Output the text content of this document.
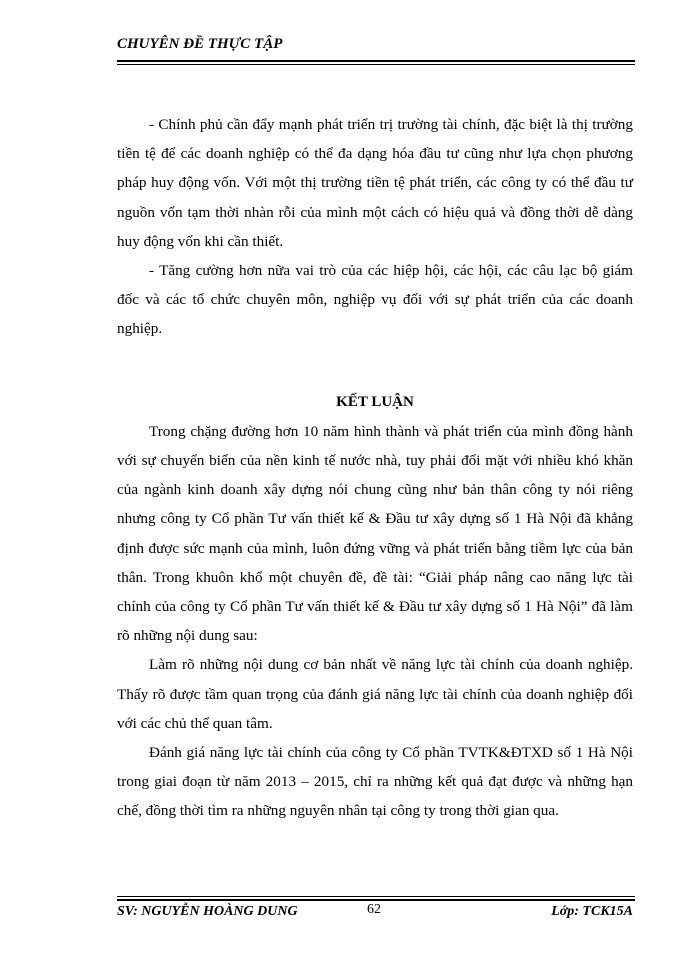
CHUYÊN ĐỀ THỰC TẬP

- Chính phủ cần đẩy mạnh phát triển trị trường tài chính, đặc biệt là thị trường tiền tệ để các doanh nghiệp có thể đa dạng hóa đầu tư cũng như lựa chọn phương pháp huy động vốn. Với một thị trường tiền tệ phát triển, các công ty có thể đầu tư nguồn vốn tạm thời nhàn rỗi của mình một cách có hiệu quả và đồng thời dễ dàng huy động vốn khi cần thiết.

- Tăng cường hơn nữa vai trò của các hiệp hội, các hội, các câu lạc bộ giám đốc và các tổ chức chuyên môn, nghiệp vụ đối với sự phát triển của các doanh nghiệp.

KẾT LUẬN

Trong chặng đường hơn 10 năm hình thành và phát triển của mình đồng hành với sự chuyển biến của nền kinh tế nước nhà, tuy phải đối mặt với nhiều khó khăn của ngành kinh doanh xây dựng nói chung cũng như bản thân công ty nói riêng nhưng công ty Cổ phần Tư vấn thiết kế & Đầu tư xây dựng số 1 Hà Nội đã khẳng định được sức mạnh của mình, luôn đứng vững và phát triển bằng tiềm lực của bản thân. Trong khuôn khổ một chuyên đề, đề tài: “Giải pháp nâng cao năng lực tài chính của công ty Cổ phần Tư vấn thiết kế & Đầu tư xây dựng số 1 Hà Nội” đã làm rõ những nội dung sau:

Làm rõ những nội dung cơ bản nhất về năng lực tài chính của doanh nghiệp. Thấy rõ được tầm quan trọng của đánh giá năng lực tài chính của doanh nghiệp đối với các chủ thể quan tâm.

Đánh giá năng lực tài chính của công ty Cổ phần TVTK&ĐTXD số 1 Hà Nội trong giai đoạn từ năm 2013 – 2015, chỉ ra những kết quả đạt được và những hạn chế, đồng thời tìm ra những nguyên nhân tại công ty trong thời gian qua.

SV: NGUYỄN HOÀNG DUNG	62	Lớp: TCK15A
